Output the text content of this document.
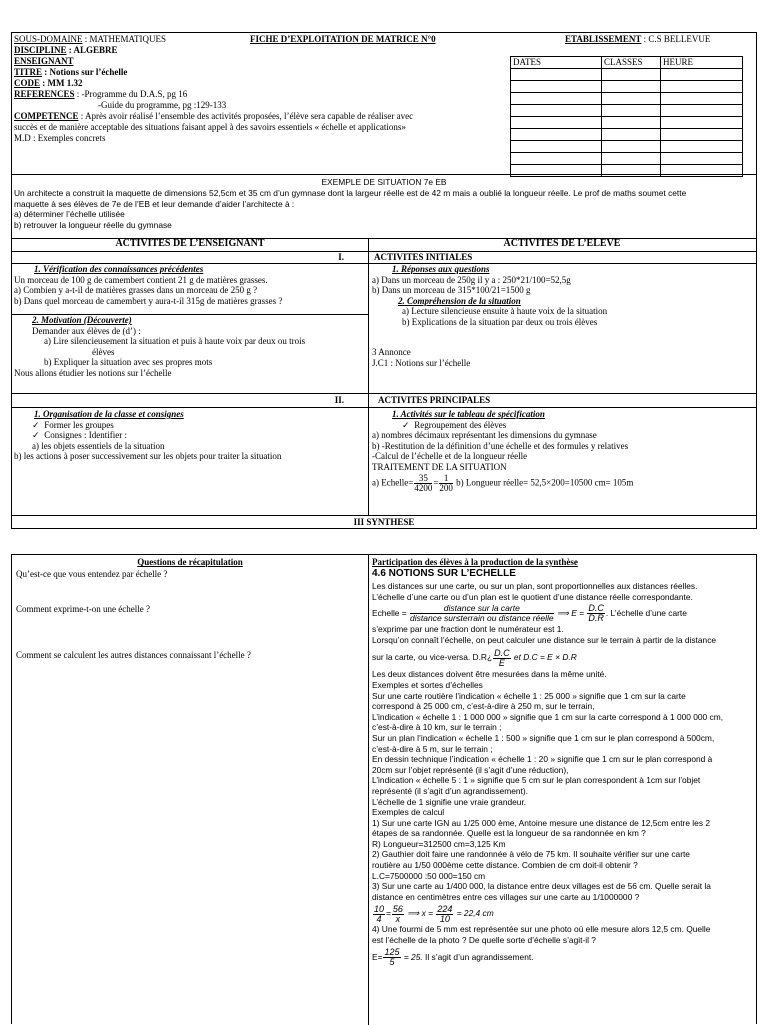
SOUS-DOMAINE : MATHEMATIQUES	FICHE D’EXPLOITATION DE MATRICE N°0	ETABLISSEMENT : C.S BELLEVUE
DISCIPLINE : ALGEBRE
ENSEIGNANT
TITRE : Notions sur l’échelle
CODE : MM 1.32
REFERENCES : -Programme du D.A.S, pg 16
-Guide du programme, pg :129-133
COMPETENCE : Après avoir réalisé l’ensemble des activités proposées, l’élève sera capable de réaliser avec
succès et de manière acceptable des situations faisant appel à des savoirs essentiels « échelle et applications»
M.D : Exemples concrets
DATES	CLASSES	HEURE

EXEMPLE DE SITUATION 7e EB
Un architecte a construit la maquette de dimensions 52,5cm et 35 cm d’un gymnase dont la largeur réelle est de 42 m mais a oublié la longueur réelle. Le prof de maths soumet cette
maquette à ses élèves de 7e de l’EB et leur demande d’aider l’architecte à :
a) déterminer l’échelle utilisée
b) retrouver la longueur réelle du gymnase
ACTIVITES DE L’ENSEIGNANT	ACTIVITES DE L’ELEVE
I.	ACTIVITES INITIALES
1. Vérification des connaissances précédentes
Un morceau de 100 g de camembert contient 21 g de matières grasses.
a) Combien y a-t-il de matières grasses dans un morceau de 250 g ?
b) Dans quel morceau de camembert y aura-t-il 315g de matières grasses ?
2. Motivation (Découverte)
Demander aux élèves de (d’) :
a) Lire silencieusement la situation et puis à haute voix par deux ou trois
élèves
b) Expliquer la situation avec ses propres mots
Nous allons étudier les notions sur l’échelle
1. Réponses aux questions
a) Dans un morceau de 250g il y a : 250*21/100=52,5g
b) Dans un morceau de 315*100/21=1500 g
2. Compréhension de la situation
a) Lecture silencieuse ensuite à haute voix de la situation
b) Explications de la situation par deux ou trois élèves
3 Annonce
J.C1 : Notions sur l’échelle
II.	ACTIVITES PRINCIPALES
1. Organisation de la classe et consignes
✓ Former les groupes
✓ Consignes : Identifier :
a) les objets essentiels de la situation
b) les actions à poser successivement sur les objets pour traiter la situation
1. Activités sur le tableau de spécification
✓ Regroupement des élèves
a) nombres décimaux représentant les dimensions du gymnase
b) -Restitution de la définition d’une échelle et des formules y relatives
-Calcul de l’échelle et de la longueur réelle
TRAITEMENT DE LA SITUATION
a) Echelle= $\frac{35}{4200} = \frac{1}{200} b$) Longueur réelle= 52,5×200=10500 cm= 105m
III SYNTHESE
Questions de récapitulation
Qu’est-ce que vous entendez par échelle ?
Comment exprime-t-on une échelle ?
Comment se calculent les autres distances connaissant l’échelle ?
Participation des élèves à la production de la synthèse
4.6 NOTIONS SUR L’ECHELLE
Les distances sur une carte, ou sur un plan, sont proportionnelles aux distances réelles.
L’échelle d’une carte ou d’un plan est le quotient d’une distance réelle correspondante.
Echelle = $\frac{\text{distance sur la carte}}{\text{distance sur≤terrain ou distance réelle}}$ ⟹ $E = \frac{D.C}{D.R}$ . L’échelle d’une carte
s’exprime par une fraction dont le numérateur est 1.
Lorsqu’on connaît l’échelle, on peut calculer une distance sur le terrain à partir de la distance
sur la carte, ou vice-versa. D.R¿ $\frac{D.C}{E}$ et D.C = E × D.R
Les deux distances doivent être mesurées dans la même unité.
Exemples et sortes d’échelles
Sur une carte routière l’indication « échelle 1 : 25 000 » signifie que 1 cm sur la carte
correspond à 25 000 cm, c’est-à-dire à 250 m, sur le terrain,
L’indication « échelle 1 : 1 000 000 » signifie que 1 cm sur la carte correspond à 1 000 000 cm,
c’est-à-dire à 10 km, sur le terrain ;
Sur un plan l’indication « échelle 1 : 500 » signifie que 1 cm sur le plan correspond à 500cm,
c’est-à-dire à 5 m, sur le terrain ;
En dessin technique l’indication « échelle 1 : 20 » signifie que 1 cm sur le plan correspond à
20cm sur l’objet représenté (il s’agit d’une réduction),
L’indication « échelle 5 : 1 » signifie que 5 cm sur le plan correspondent à 1cm sur l’objet
représenté (il s’agit d’un agrandissement).
L’échelle de 1 signifie une vraie grandeur.
Exemples de calcul
1) Sur une carte IGN au 1/25 000 ème, Antoine mesure une distance de 12,5cm entre les 2
étapes de sa randonnée. Quelle est la longueur de sa randonnée en km ?
R) Longueur=312500 cm=3,125 Km
2) Gauthier doit faire une randonnée à vélo de 75 km. Il souhaite vérifier sur une carte
routière au 1/50 000ème cette distance. Combien de cm doit-il obtenir ?
L.C=7500000 :50 000=150 cm
3) Sur une carte au 1/400 000, la distance entre deux villages est de 56 cm. Quelle serait la
distance en centimètres entre ces villages sur une carte au 1/1000000 ?
$\frac{10}{4} = \frac{56}{x}$ ⟹ $x = \frac{224}{10} = 22,4$ cm
4) Une fourmi de 5 mm est représentée sur une photo où elle mesure alors 12,5 cm. Quelle
est l’échelle de la photo ? De quelle sorte d’échelle s’agit-il ?
$E= \frac{125}{5} = 25$. Il s’agit d’un agrandissement.
